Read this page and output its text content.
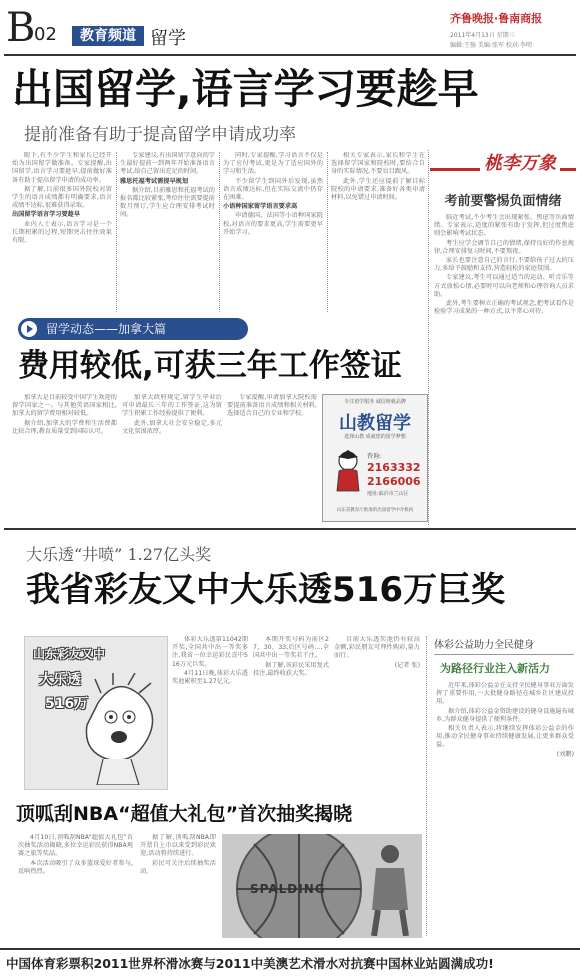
B
02	教育频道 留学
齐鲁晚报·鲁南商报
2011年4月13日 星期三
编辑:王强 美编:张军 校对:李明
出国留学,语言学习要趁早
提前准备有助于提高留学申请成功率

眼下,有不少学生和家长已经开始为出国留学做准备。专家提醒,出国留学,语言学习要趁早,提前做好准备有助于提高留学申请的成功率。

据了解,目前很多国外院校对留学生的语言成绩都有明确要求,语言成绩不达标,很难获得录取。

出国留学语言学习要趁早

业内人士表示,语言学习是一个长期积累的过程,短期突击往往效果有限。

专家建议,有出国留学意向的学生最好提前一到两年开始准备语言考试,给自己留出充足的时间。

雅思托福考试需提早规划

据介绍,目前雅思和托福考试的报名都比较紧张,考位往往需要提前数月预订,学生应合理安排考试时间。

同时,专家提醒,学习语言不仅是为了应付考试,更是为了适应国外的学习和生活。

不少留学生到国外后发现,虽然语言成绩达标,但在实际交流中仍存在困难。

小语种国家留学语言要求高

申请德国、法国等小语种国家院校,对语言的要求更高,学生需要更早开始学习。

相关专家表示,家长和学生在选择留学国家和院校时,要结合自身的实际情况,不要盲目跟风。

此外,学生还应提前了解目标院校的申请要求,准备好各类申请材料,以免错过申请时间。

桃李万象
考前要警惕负面情绪

临近考试,不少考生会出现紧张、焦虑等负面情绪。专家表示,适度的紧张有助于发挥,但过度焦虑则会影响考试状态。

考生应学会调节自己的情绪,保持良好的作息规律,合理安排复习时间,不要熬夜。

家长也要注意自己的言行,不要给孩子过大的压力,多给予鼓励和支持,营造轻松的家庭氛围。

专家建议,考生可以通过适当的运动、听音乐等方式放松心情,必要时可以向老师和心理咨询人员求助。

此外,考生要树立正确的考试观念,把考试看作是检验学习成果的一种方式,以平常心对待。

留学动态——加拿大篇
费用较低,可获三年工作签证

加拿大是目前较受中国学生欢迎的留学国家之一。与其他英语国家相比,加拿大的留学费用相对较低。

据介绍,加拿大的学费和生活费都比较合理,教育质量受到国际认可。

加拿大政府规定,留学生毕业后可申请最长三年的工作签证,这为留学生积累工作经验提供了便利。

此外,加拿大社会安全稳定,多元文化氛围浓厚。

专家提醒,申请加拿大院校需要提前准备语言成绩和相关材料,选择适合自己的专业和学校。

专注留学服务 诚信铸就品牌
山教留学
选择山教 成就您的留学梦想
咨询:
2163332
2166006
地址:临沂市兰山区
山东省教育厅批准的出国留学中介机构
大乐透“井喷” 1.27亿头奖
我省彩友又中大乐透516万巨奖
山东彩友又中
大乐透
516万

体彩大乐透第11042期开奖,全国共中出一等奖多注,我省一位幸运彩民喜中516万元巨奖。

4月11日晚,体彩大乐透奖池累积至1.27亿元。

本期开奖号码为前区27、30、33,后区号码…,全国共中出一等奖若干注。

据了解,该彩民采用复式投注,最终收获大奖。

目前大乐透奖池仍有较高金额,彩民朋友可理性购彩,量力而行。

(记者 张)

体彩公益助力全民健身
为路径行业注入新活力

近年来,体彩公益金在支持全民健身事业方面发挥了重要作用,一大批健身路径在城乡社区建成投用。

据介绍,体彩公益金资助建设的健身设施遍布城乡,为群众健身提供了便利条件。

相关负责人表示,将继续发挥体彩公益金的作用,推动全民健身事业持续健康发展,让更多群众受益。

(刘鹏)

顶呱刮NBA“超值大礼包”首次抽奖揭晓

4月10日,顶呱刮NBA“超值大礼包”首次抽奖活动揭晓,多位幸运彩民获得NBA观赛之旅等奖品。

本次活动吸引了众多篮球爱好者参与,反响热烈。

据了解,顶呱刮NBA即开票自上市以来受到彩民欢迎,活动将持续进行。

彩民可关注后续抽奖活动。

SPALDING
中国体育彩票积2011世界杯滑冰赛与2011中美澳艺术滑水对抗赛中国林业站圆满成功!
